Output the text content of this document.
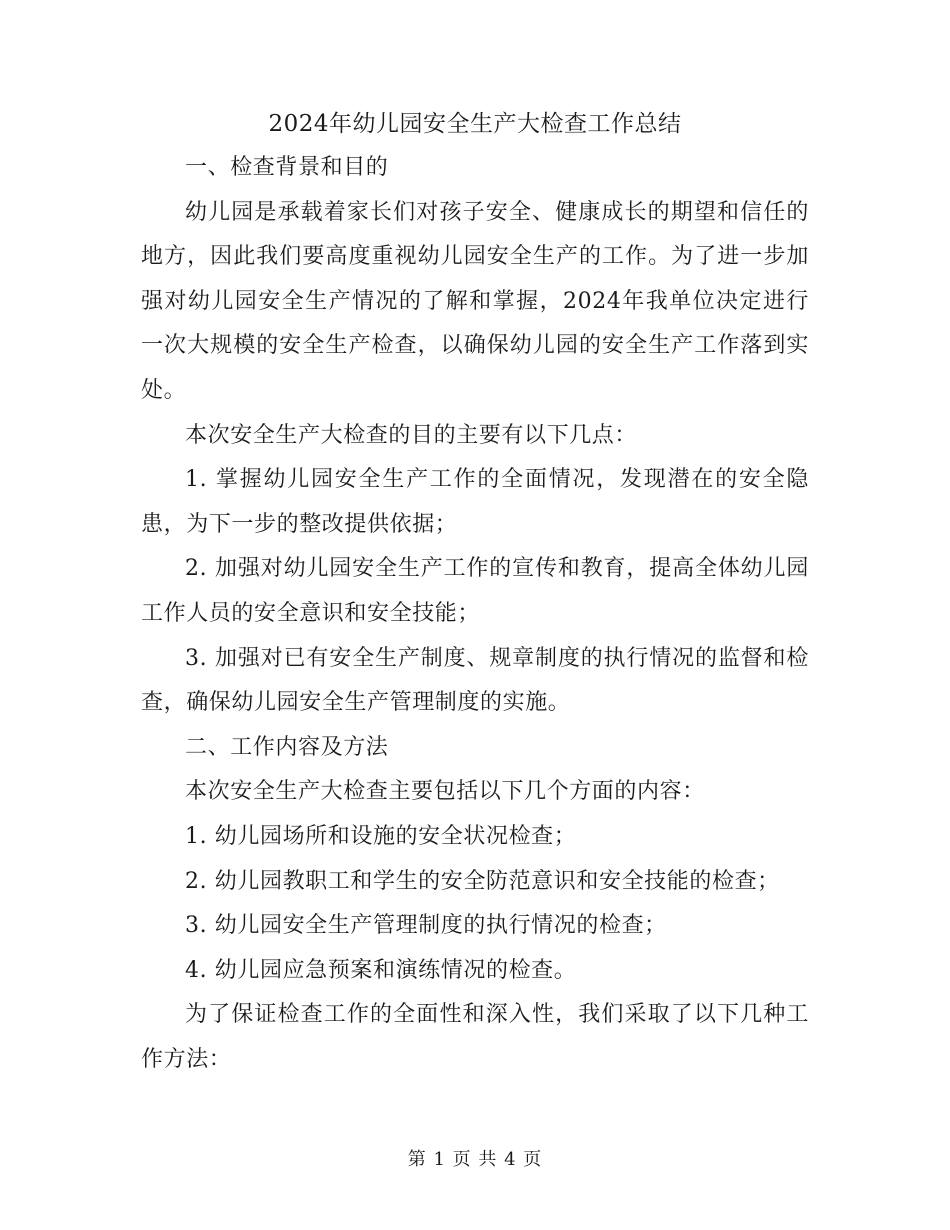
2024年幼儿园安全生产大检查工作总结

一、检查背景和目的

幼儿园是承载着家长们对孩子安全、健康成长的期望和信任的地方，因此我们要高度重视幼儿园安全生产的工作。为了进一步加强对幼儿园安全生产情况的了解和掌握，2024年我单位决定进行一次大规模的安全生产检查，以确保幼儿园的安全生产工作落到实处。

本次安全生产大检查的目的主要有以下几点：

1. 掌握幼儿园安全生产工作的全面情况，发现潜在的安全隐患，为下一步的整改提供依据；

2. 加强对幼儿园安全生产工作的宣传和教育，提高全体幼儿园工作人员的安全意识和安全技能；

3. 加强对已有安全生产制度、规章制度的执行情况的监督和检查，确保幼儿园安全生产管理制度的实施。

二、工作内容及方法

本次安全生产大检查主要包括以下几个方面的内容：

1. 幼儿园场所和设施的安全状况检查；

2. 幼儿园教职工和学生的安全防范意识和安全技能的检查；

3. 幼儿园安全生产管理制度的执行情况的检查；

4. 幼儿园应急预案和演练情况的检查。

为了保证检查工作的全面性和深入性，我们采取了以下几种工作方法：

第 1 页 共 4 页
